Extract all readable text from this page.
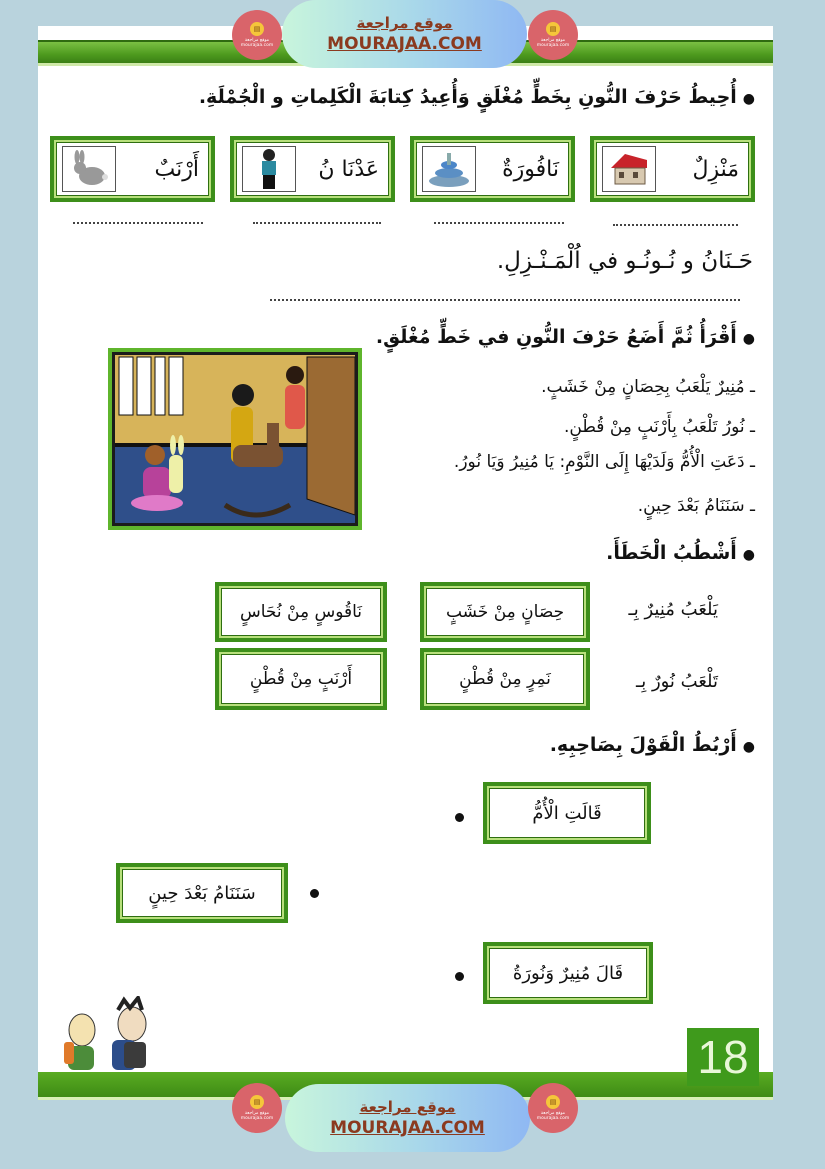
▤
موقع مراجعة mourajaa.com
موقع مراجعة
MOURAJAA.COM
▤
موقع مراجعة mourajaa.com
●أُحِيطُ حَرْفَ النُّونِ بِخَطٍّ مُغْلَقٍ وَأُعِيدُ كِتابَةَ الْكَلِماتِ و الْجُمْلَةِ.
مَنْزِلٌ
نَافُورَةٌ
عَدْنَا نُ
أَرْنَبٌ
حَـنَانُ و نُـونُـو في اُلْمَـنْـزِلِ.
●أَقْرَأُ ثُمَّ أَضَعُ حَرْفَ النُّونِ في خَطٍّ مُغْلَقٍ.
ـ مُنِيرٌ يَلْعَبُ بِحِصَانٍ مِنْ خَشَبٍ.
ـ نُورُ تَلْعَبُ بِأَرْنَبٍ مِنْ قُطْنٍ.
ـ دَعَتِ الْأُمُّ وَلَدَيْهَا إِلَى النَّوْمِ: يَا مُنِيرُ وَيَا نُورُ.
ـ سَنَنَامُ بَعْدَ حِينٍ.
●أَشْطُبُ الْخَطَأَ.
يَلْعَبُ مُنِيرٌ بِـ
حِصَانٍ مِنْ خَشَبٍ
نَاقُوسٍ مِنْ نُحَاسٍ
تَلْعَبُ نُورٌ بِـ
نَمِرٍ مِنْ قُطْنٍ
أَرْنَبٍ مِنْ قُطْنٍ
●أَرْبُطُ الْقَوْلَ بِصَاحِبِهِ.
قَالَتِ الْأُمُّ
سَنَنَامُ بَعْدَ حِينٍ
قَالَ مُنِيرٌ وَنُورَةُ
18
▤
موقع مراجعة mourajaa.com
موقع مراجعة
MOURAJAA.COM
▤
موقع مراجعة mourajaa.com
